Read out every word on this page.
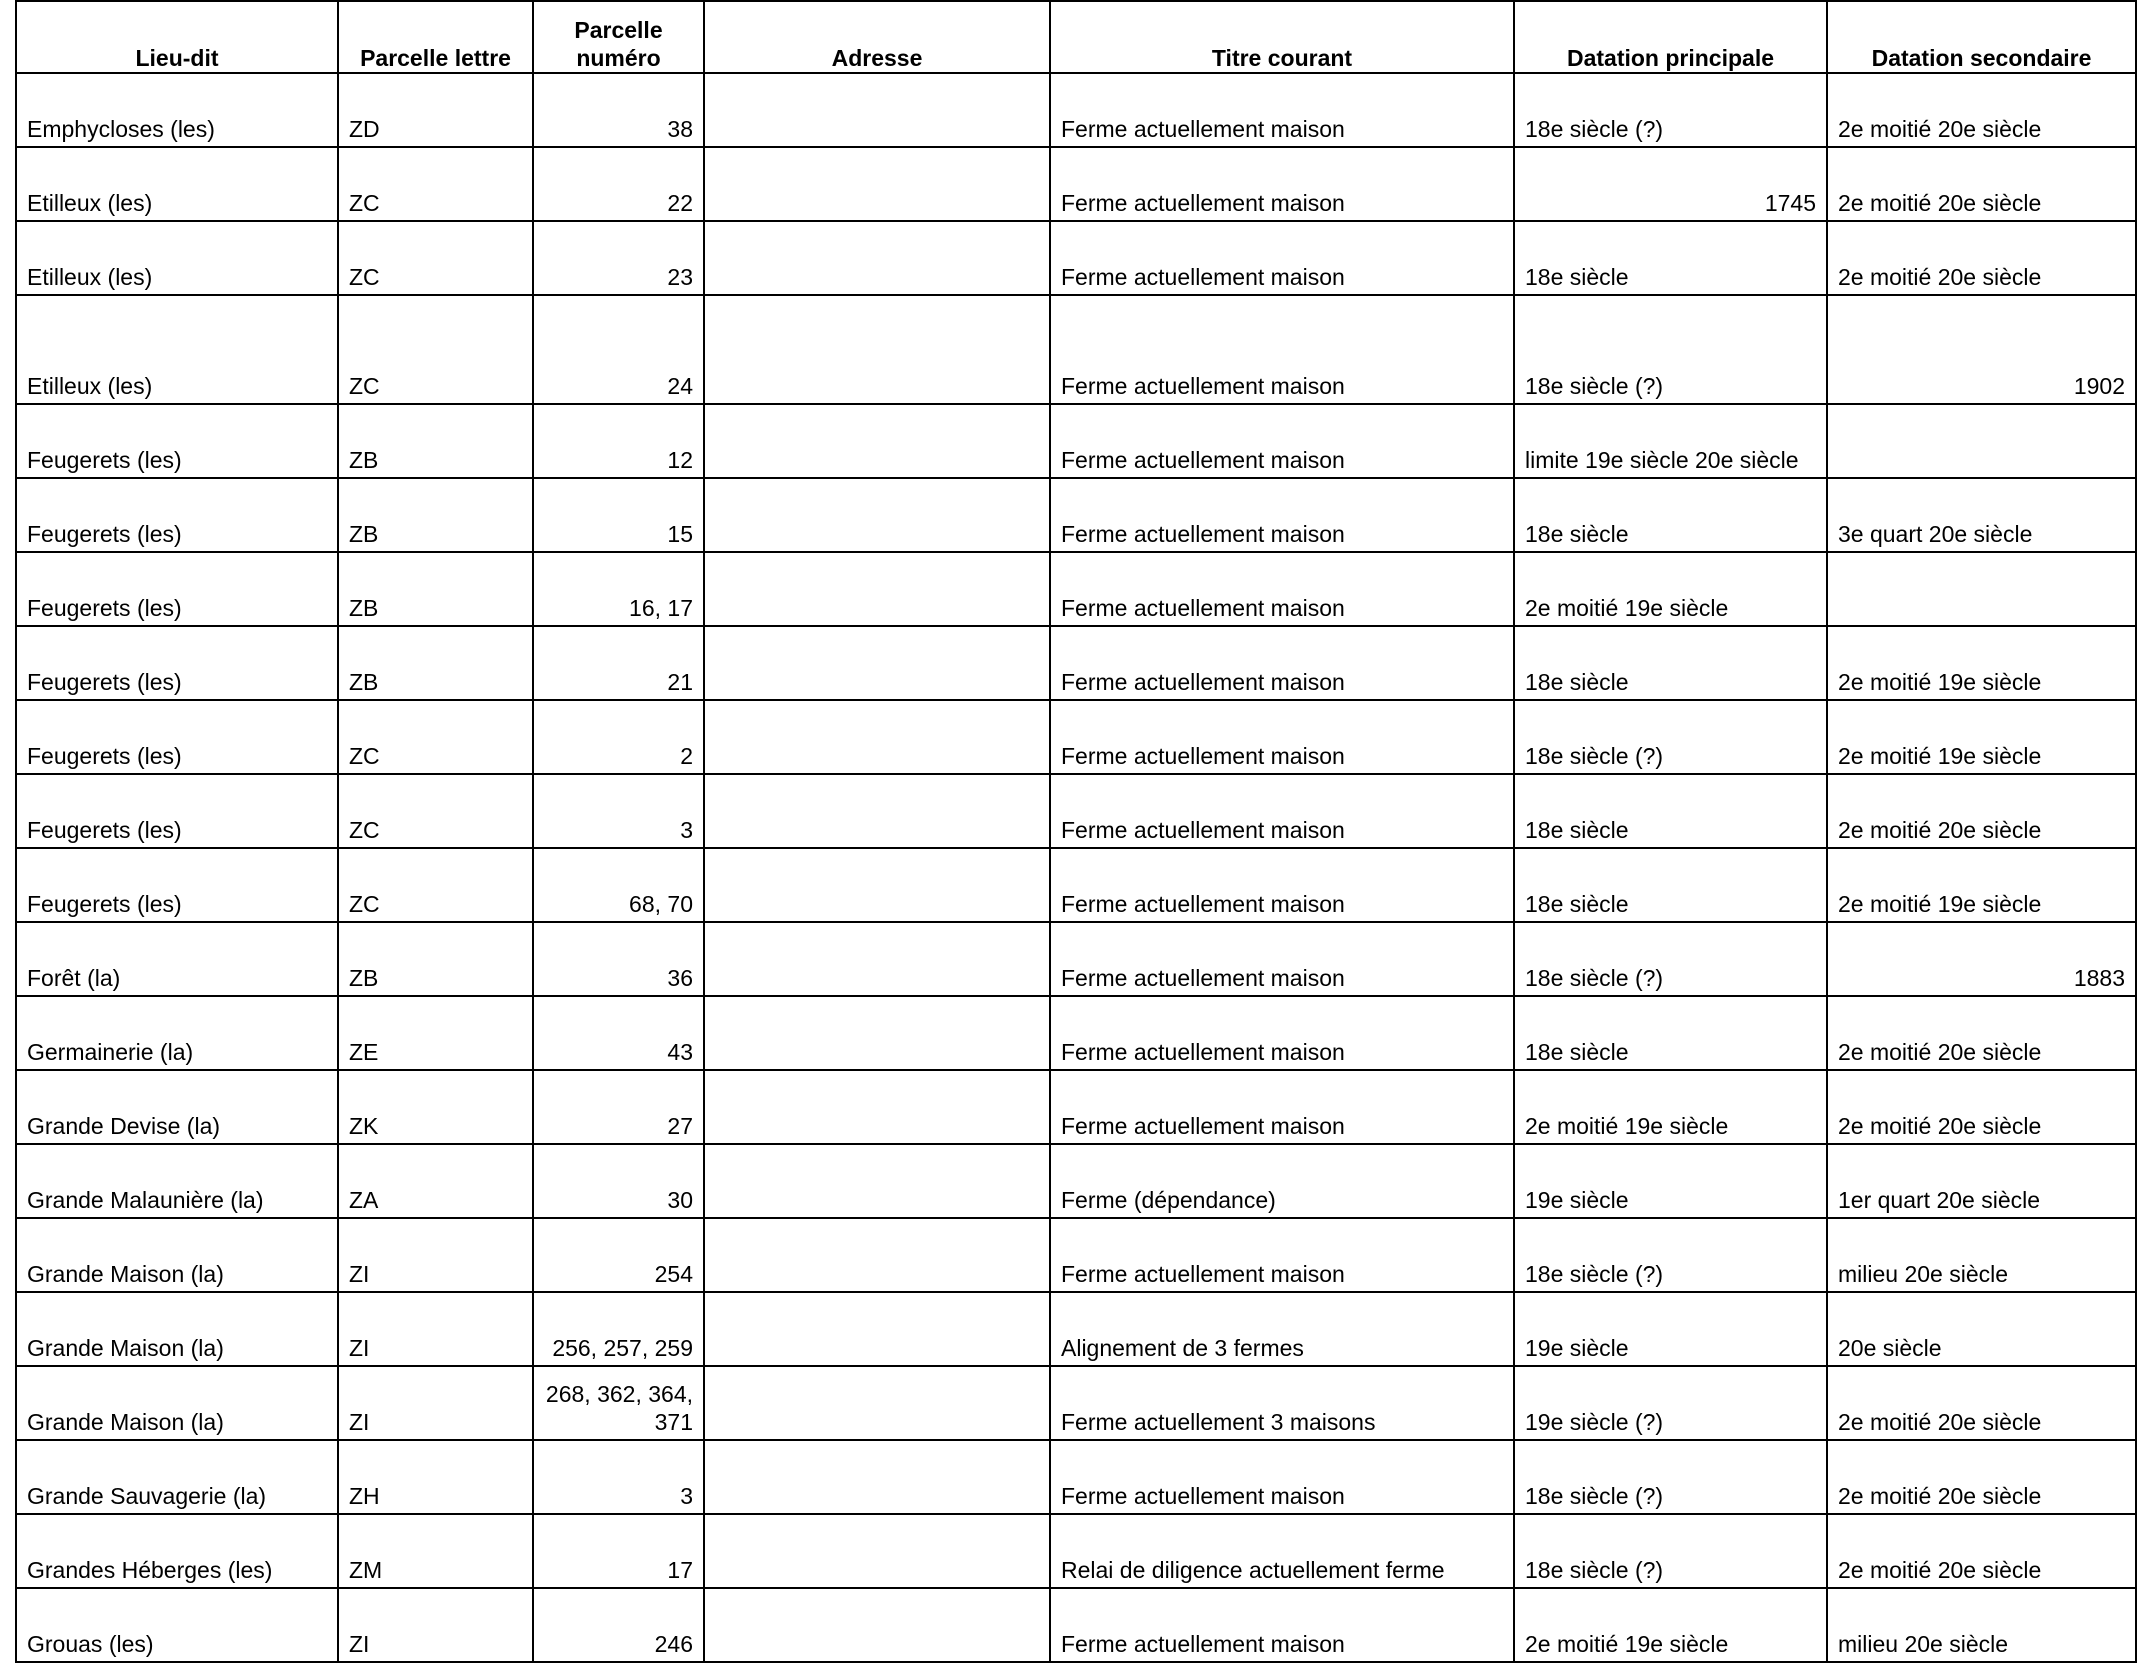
Lieu-dit	Parcelle lettre	Parcelle numéro	Adresse	Titre courant	Datation principale	Datation secondaire
Emphycloses (les)	ZD	38		Ferme actuellement maison	18e siècle (?)	2e moitié 20e siècle
Etilleux (les)	ZC	22		Ferme actuellement maison	1745	2e moitié 20e siècle
Etilleux (les)	ZC	23		Ferme actuellement maison	18e siècle	2e moitié 20e siècle
Etilleux (les)	ZC	24		Ferme actuellement maison	18e siècle (?)	1902
Feugerets (les)	ZB	12		Ferme actuellement maison	limite 19e siècle 20e siècle	
Feugerets (les)	ZB	15		Ferme actuellement maison	18e siècle	3e quart 20e siècle
Feugerets (les)	ZB	16, 17		Ferme actuellement maison	2e moitié 19e siècle	
Feugerets (les)	ZB	21		Ferme actuellement maison	18e siècle	2e moitié 19e siècle
Feugerets (les)	ZC	2		Ferme actuellement maison	18e siècle (?)	2e moitié 19e siècle
Feugerets (les)	ZC	3		Ferme actuellement maison	18e siècle	2e moitié 20e siècle
Feugerets (les)	ZC	68, 70		Ferme actuellement maison	18e siècle	2e moitié 19e siècle
Forêt (la)	ZB	36		Ferme actuellement maison	18e siècle (?)	1883
Germainerie (la)	ZE	43		Ferme actuellement maison	18e siècle	2e moitié 20e siècle
Grande Devise (la)	ZK	27		Ferme actuellement maison	2e moitié 19e siècle	2e moitié 20e siècle
Grande Malaunière (la)	ZA	30		Ferme (dépendance)	19e siècle	1er quart 20e siècle
Grande Maison (la)	ZI	254		Ferme actuellement maison	18e siècle (?)	milieu 20e siècle
Grande Maison (la)	ZI	256, 257, 259		Alignement de 3 fermes	19e siècle	20e siècle
Grande Maison (la)	ZI	268, 362, 364, 371		Ferme actuellement 3 maisons	19e siècle (?)	2e moitié 20e siècle
Grande Sauvagerie (la)	ZH	3		Ferme actuellement maison	18e siècle (?)	2e moitié 20e siècle
Grandes Héberges (les)	ZM	17		Relai de diligence actuellement ferme	18e siècle (?)	2e moitié 20e siècle
Grouas (les)	ZI	246		Ferme actuellement maison	2e moitié 19e siècle	milieu 20e siècle
